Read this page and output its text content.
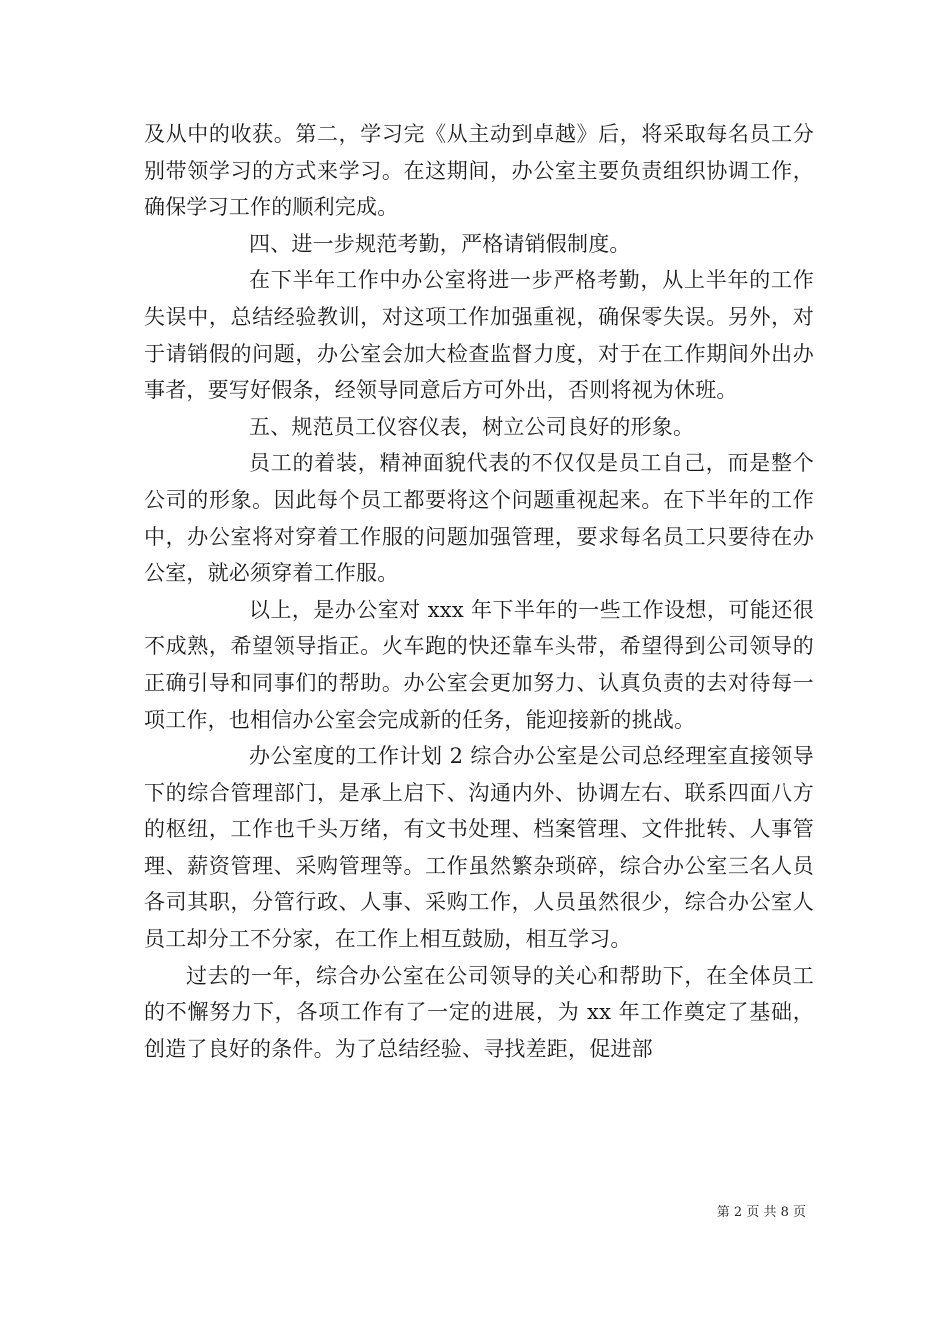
及从中的收获。第二，学习完《从主动到卓越》后，将采取每名员工分别带领学习的方式来学习。在这期间，办公室主要负责组织协调工作，确保学习工作的顺利完成。

四、进一步规范考勤，严格请销假制度。

在下半年工作中办公室将进一步严格考勤，从上半年的工作失误中，总结经验教训，对这项工作加强重视，确保零失误。另外，对于请销假的问题，办公室会加大检查监督力度，对于在工作期间外出办事者，要写好假条，经领导同意后方可外出，否则将视为休班。

五、规范员工仪容仪表，树立公司良好的形象。

员工的着装，精神面貌代表的不仅仅是员工自己，而是整个公司的形象。因此每个员工都要将这个问题重视起来。在下半年的工作中，办公室将对穿着工作服的问题加强管理，要求每名员工只要待在办公室，就必须穿着工作服。

以上，是办公室对 xxx 年下半年的一些工作设想，可能还很不成熟，希望领导指正。火车跑的快还靠车头带，希望得到公司领导的正确引导和同事们的帮助。办公室会更加努力、认真负责的去对待每一项工作，也相信办公室会完成新的任务，能迎接新的挑战。

办公室度的工作计划 2 综合办公室是公司总经理室直接领导下的综合管理部门，是承上启下、沟通内外、协调左右、联系四面八方的枢纽，工作也千头万绪，有文书处理、档案管理、文件批转、人事管理、薪资管理、采购管理等。工作虽然繁杂琐碎，综合办公室三名人员各司其职，分管行政、人事、采购工作，人员虽然很少，综合办公室人员工却分工不分家，在工作上相互鼓励，相互学习。

过去的一年，综合办公室在公司领导的关心和帮助下，在全体员工的不懈努力下，各项工作有了一定的进展，为 xx 年工作奠定了基础，创造了良好的条件。为了总结经验、寻找差距，促进部

第 2 页 共 8 页
